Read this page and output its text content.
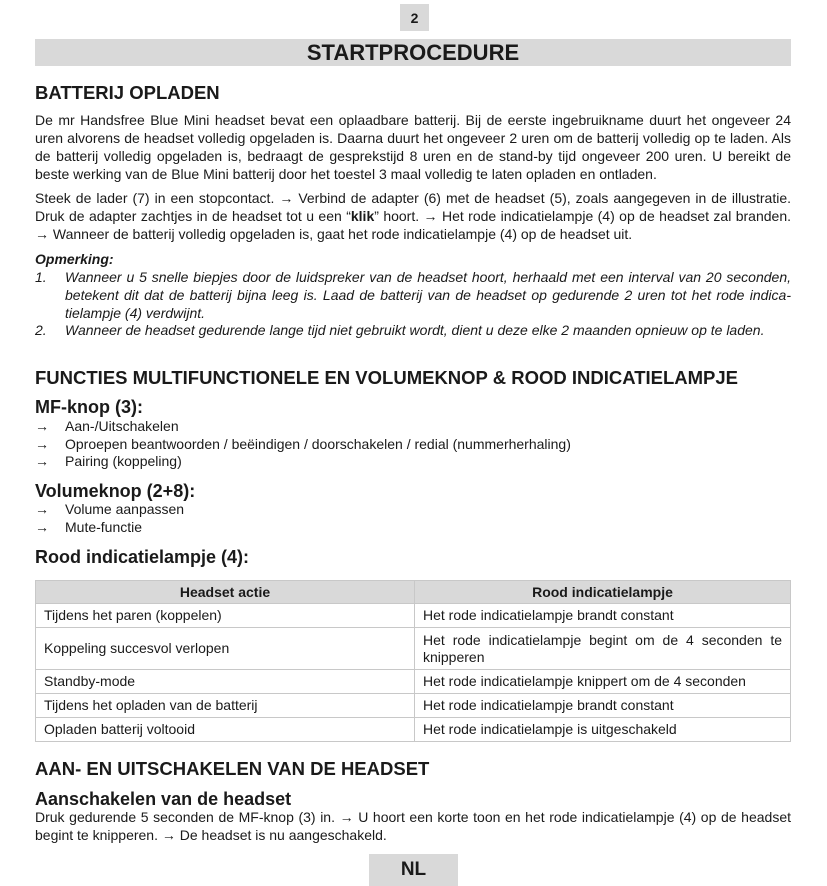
2
STARTPROCEDURE
BATTERIJ OPLADEN

De mr Handsfree Blue Mini headset bevat een oplaadbare batterij. Bij de eerste ingebruikname duurt het ongeveer 24 uren alvorens de headset volledig opgeladen is. Daarna duurt het ongeveer 2 uren om de batterij volledig op te laden. Als de batterij volledig opgeladen is, bedraagt de gesprekstijd 8 uren en de stand-by tijd ongeveer 200 uren. U bereikt de beste werking van de Blue Mini batterij door het toestel 3 maal volledig te laten opladen en ontladen.

Steek de lader (7) in een stopcontact. → Verbind de adapter (6) met de headset (5), zoals aangegeven in de illustratie. Druk de adapter zachtjes in de headset tot u een “klik” hoort. → Het rode indicatielampje (4) op de headset zal branden. → Wanneer de batterij volledig opgeladen is, gaat het rode indicatielampje (4) op de headset uit.

Opmerking:

1. Wanneer u 5 snelle biepjes door de luidspreker van de headset hoort, herhaald met een interval van 20 seconden, betekent dit dat de batterij bijna leeg is. Laad de batterij van de headset op gedurende 2 uren tot het rode indicatielampje (4) verdwijnt.
2. Wanneer de headset gedurende lange tijd niet gebruikt wordt, dient u deze elke 2 maanden opnieuw op te laden.
FUNCTIES MULTIFUNCTIONELE EN VOLUMEKNOP & ROOD INDICATIELAMPJE
MF-knop (3):
→ Aan-/Uitschakelen
→ Oproepen beantwoorden / beëindigen / doorschakelen / redial (nummerherhaling)
→ Pairing (koppeling)
Volumeknop (2+8):
→ Volume aanpassen
→ Mute-functie
Rood indicatielampje (4):
Headset actie	Rood indicatielampje
Tijdens het paren (koppelen)	Het rode indicatielampje brandt constant
Koppeling succesvol verlopen	Het rode indicatielampje begint om de 4 seconden te knipperen
Standby-mode	Het rode indicatielampje knippert om de 4 seconden
Tijdens het opladen van de batterij	Het rode indicatielampje brandt constant
Opladen batterij voltooid	Het rode indicatielampje is uitgeschakeld
AAN- EN UITSCHAKELEN VAN DE HEADSET
Aanschakelen van de headset

Druk gedurende 5 seconden de MF-knop (3) in. → U hoort een korte toon en het rode indicatielampje (4) op de headset begint te knipperen. → De headset is nu aangeschakeld.

NL
